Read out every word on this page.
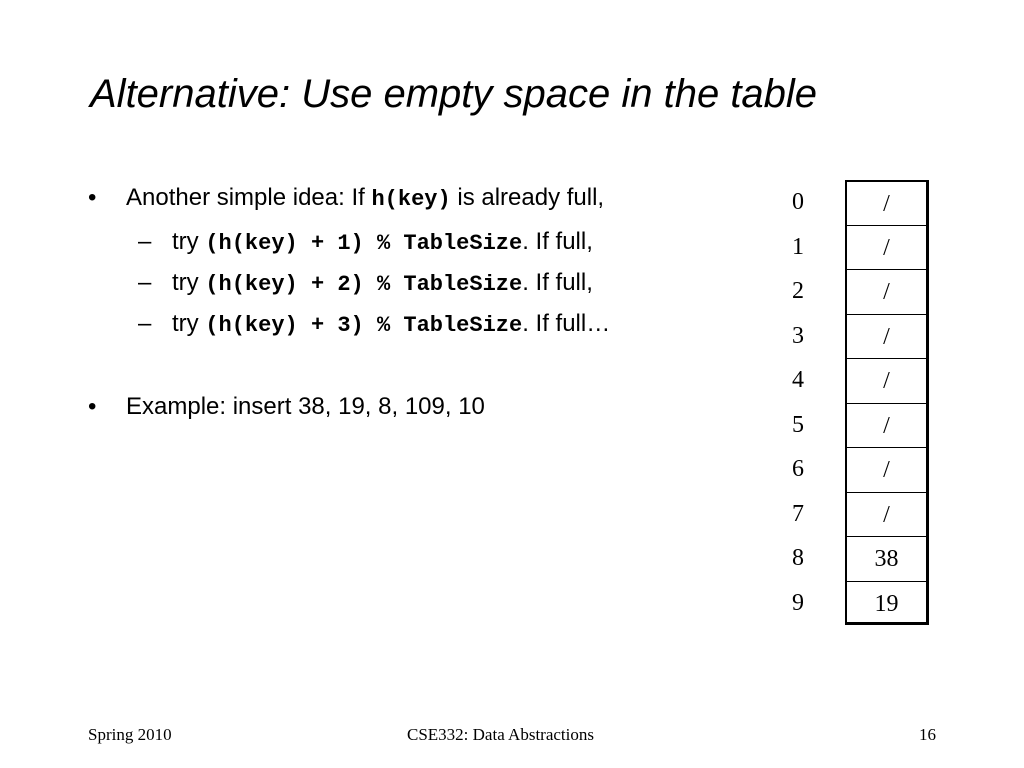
Alternative: Use empty space in the table
• Another simple idea: If h(key) is already full,
– try (h(key) + 1) % TableSize. If full,
– try (h(key) + 2) % TableSize. If full,
– try (h(key) + 3) % TableSize. If full…
• Example: insert 38, 19, 8, 109, 10
0	/
1	/
2	/
3	/
4	/
5	/
6	/
7	/
8	38
9	19
Spring 2010	CSE332: Data Abstractions	16
